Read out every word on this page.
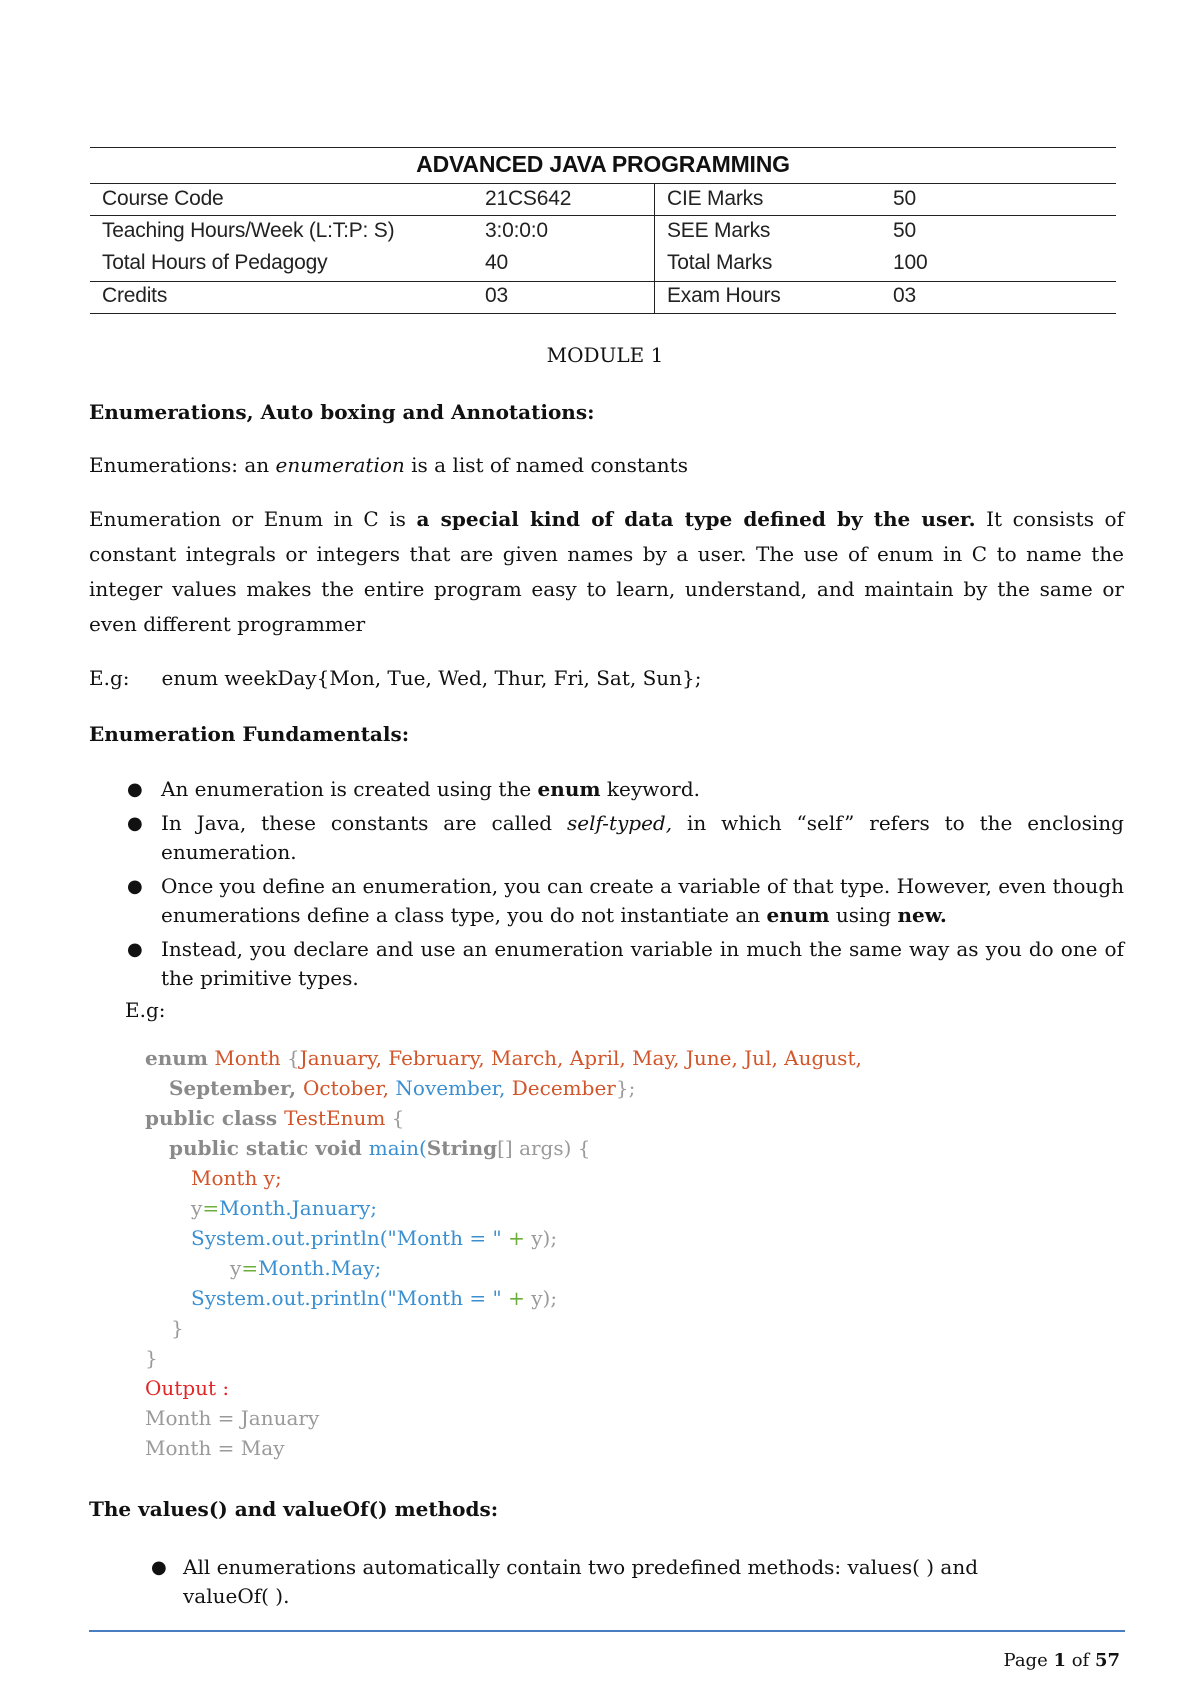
ADVANCED JAVA PROGRAMMING
Course Code	21CS642	CIE Marks	50
Teaching Hours/Week (L:T:P: S)	3:0:0:0	SEE Marks	50
Total Hours of Pedagogy	40	Total Marks	100
Credits	03	Exam Hours	03
MODULE 1
Enumerations, Auto boxing and Annotations:
Enumerations: an enumeration is a list of named constants
Enumeration or Enum in C is a special kind of data type defined by the user. It consists of constant integrals or integers that are given names by a user. The use of enum in C to name the integer values makes the entire program easy to learn, understand, and maintain by the same or even different programmer
E.g: enum weekDay{Mon, Tue, Wed, Thur, Fri, Sat, Sun};
Enumeration Fundamentals:
● An enumeration is created using the enum keyword.
● In Java, these constants are called self-typed, in which “self” refers to the enclosing enumeration.
● Once you define an enumeration, you can create a variable of that type. However, even though enumerations define a class type, you do not instantiate an enum using new.
● Instead, you declare and use an enumeration variable in much the same way as you do one of the primitive types.
E.g:
enum Month {January, February, March, April, May, June, Jul, August,
September, October, November, December};
public class TestEnum {
public static void main(String[] args) {
Month y;
y=Month.January;
System.out.println("Month = " + y);
y=Month.May;
System.out.println("Month = " + y);
}
}
Output :
Month = January
Month = May
The values() and valueOf() methods:
● All enumerations automatically contain two predefined methods: values( ) and valueOf( ).
Page 1 of 57
